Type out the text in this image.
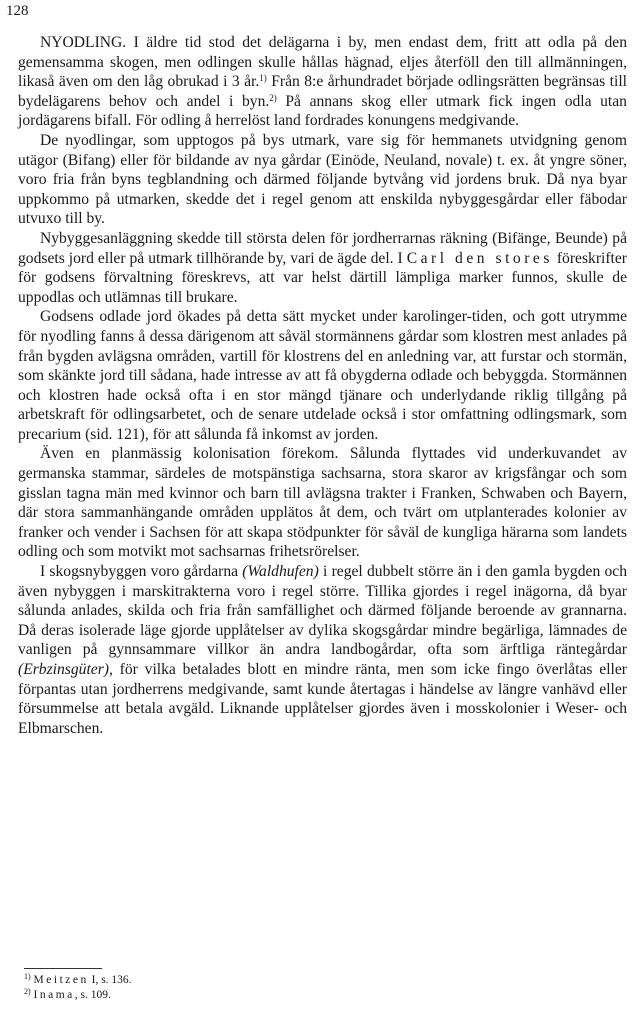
128

NYODLING. I äldre tid stod det delägarna i by, men endast dem, fritt att odla på den gemensamma skogen, men odlingen skulle hållas hägnad, eljes återföll den till allmänningen, likaså även om den låg obrukad i 3 år.$^{1)}$ Från 8:e århundradet började odlingsrätten begränsas till bydelägarens behov och andel i byn.$^{2)}$ På annans skog eller utmark fick ingen odla utan jordägarens bifall. För odling å herrelöst land fordrades konungens medgivande.

De nyodlingar, som upptogos på bys utmark, vare sig för hemmanets utvidgning genom utägor (Bifang) eller för bildande av nya gårdar (Einöde, Neuland, novale) t. ex. åt yngre söner, voro fria från byns tegblandning och därmed följande bytvång vid jordens bruk. Då nya byar uppkommo på utmarken, skedde det i regel genom att enskilda nybyggesgårdar eller fäbodar utvuxo till by.

Nybyggesanläggning skedde till största delen för jordherrarnas räkning (Bifänge, Beunde) på godsets jord eller på utmark tillhörande by, vari de ägde del. I Carl den stores föreskrifter för godsens förvaltning föreskrevs, att var helst därtill lämpliga marker funnos, skulle de uppodlas och utlämnas till brukare.

Godsens odlade jord ökades på detta sätt mycket under karolinger-tiden, och gott utrymme för nyodling fanns å dessa därigenom att såväl stormännens gårdar som klostren mest anlades på från bygden avlägsna områden, vartill för klostrens del en anledning var, att furstar och stormän, som skänkte jord till sådana, hade intresse av att få obygderna odlade och bebyggda. Stormännen och klostren hade också ofta i en stor mängd tjänare och underlydande riklig tillgång på arbetskraft för odlingsarbetet, och de senare utdelade också i stor omfattning odlingsmark, som precarium (sid. 121), för att sålunda få inkomst av jorden.

Även en planmässig kolonisation förekom. Sålunda flyttades vid underkuvandet av germanska stammar, särdeles de motspänstiga sachsarna, stora skaror av krigsfångar och som gisslan tagna män med kvinnor och barn till avlägsna trakter i Franken, Schwaben och Bayern, där stora sammanhängande områden upplätos åt dem, och tvärt om utplanterades kolonier av franker och vender i Sachsen för att skapa stödpunkter för såväl de kungliga härarna som landets odling och som motvikt mot sachsarnas frihetsrörelser.

I skogsnybyggen voro gårdarna (Waldhufen) i regel dubbelt större än i den gamla bygden och även nybyggen i marskitrakterna voro i regel större. Tillika gjordes i regel inägorna, då byar sålunda anlades, skilda och fria från samfällighet och därmed följande beroende av grannarna. Då deras isolerade läge gjorde upplåtelser av dylika skogsgårdar mindre begärliga, lämnades de vanligen på gynnsammare villkor än andra landbogårdar, ofta som ärftliga räntegårdar (Erbzinsgüter), för vilka betalades blott en mindre ränta, men som icke fingo överlåtas eller förpantas utan jordherrens medgivande, samt kunde återtagas i händelse av längre vanhävd eller försummelse att betala avgäld. Liknande upplåtelser gjordes även i mosskolonier i Weser- och Elbmarschen.

$^{1)}$ Meitzen I, s. 136.
$^{2)}$ Inama, s. 109.
